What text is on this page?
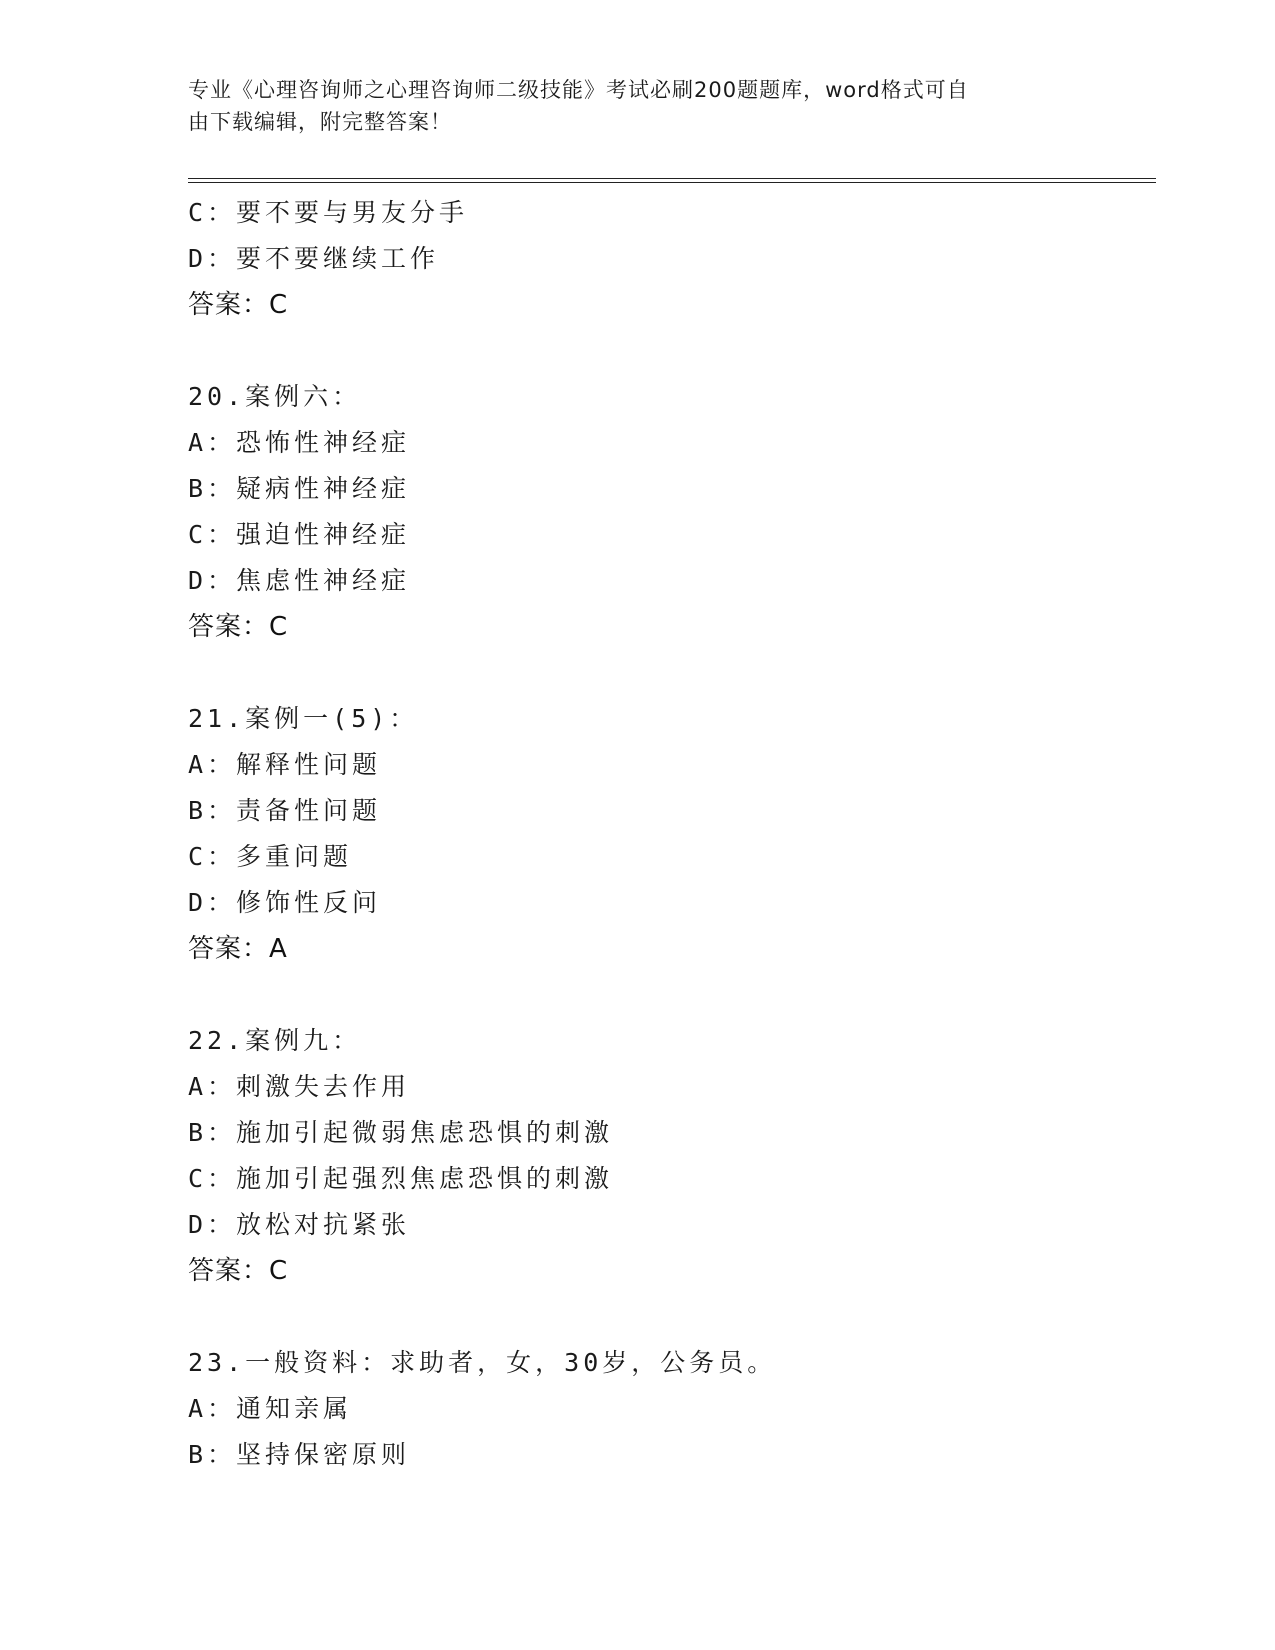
专业《心理咨询师之心理咨询师二级技能》考试必刷200题题库，word格式可自
由下载编辑，附完整答案！
C：要不要与男友分手
D：要不要继续工作
答案：C
20.案例六：
A：恐怖性神经症
B：疑病性神经症
C：强迫性神经症
D：焦虑性神经症
答案：C
21.案例一(5)：
A：解释性问题
B：责备性问题
C：多重问题
D：修饰性反问
答案：A
22.案例九：
A：刺激失去作用
B：施加引起微弱焦虑恐惧的刺激
C：施加引起强烈焦虑恐惧的刺激
D：放松对抗紧张
答案：C
23.一般资料：求助者，女，30岁，公务员。
A：通知亲属
B：坚持保密原则
